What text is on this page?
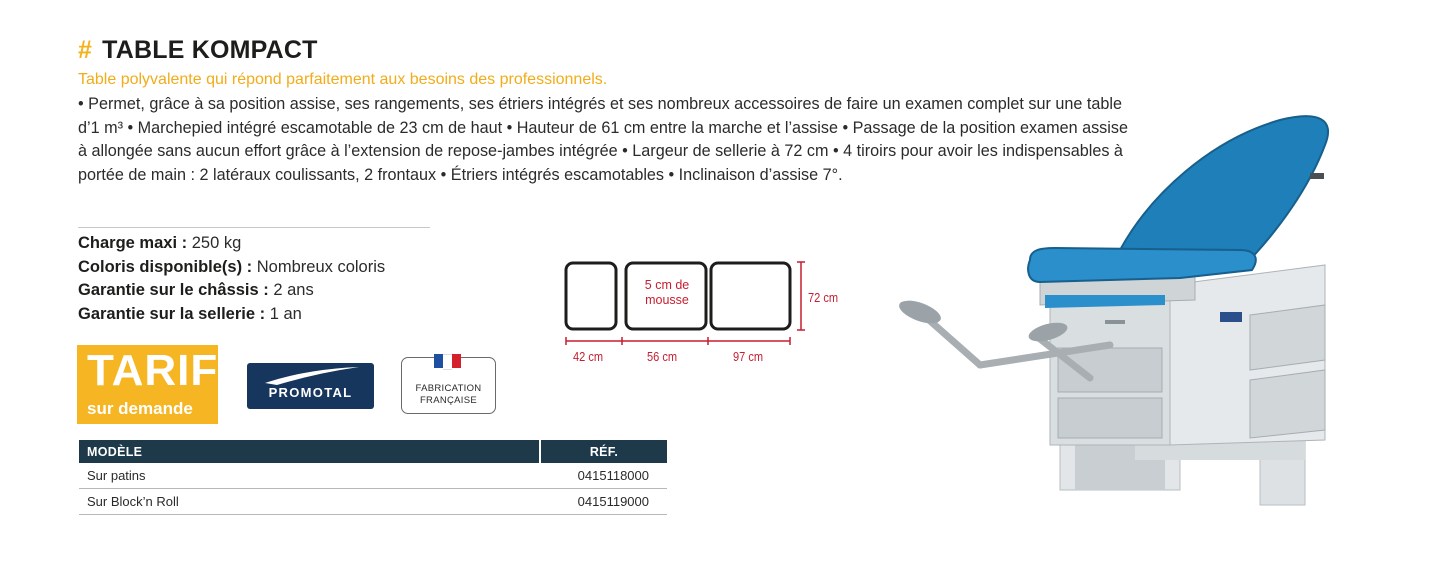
# TABLE KOMPACT
Table polyvalente qui répond parfaitement aux besoins des professionnels.
• Permet, grâce à sa position assise, ses rangements, ses étriers intégrés et ses nombreux accessoires de faire un examen complet sur une table d’1 m³ • Marchepied intégré escamotable de 23 cm de haut • Hauteur de 61 cm entre la marche et l’assise • Passage de la position examen assise à allongée sans aucun effort grâce à l’extension de repose-jambes intégrée • Largeur de sellerie à 72 cm • 4 tiroirs pour avoir les indispensables à portée de main : 2 latéraux coulissants, 2 frontaux • Étriers intégrés escamotables • Inclinaison d’assise 7°.
Charge maxi : 250 kg
Coloris disponible(s) : Nombreux coloris
Garantie sur le châssis : 2 ans
Garantie sur la sellerie : 1 an
TARIF
sur demande
PROMOTAL	FABRICATION
FRANÇAISE
5 cm de
mousse	72 cm
42 cm	56 cm	97 cm
MODÈLE	RÉF.
Sur patins	0415118000
Sur Block’n Roll	0415119000
